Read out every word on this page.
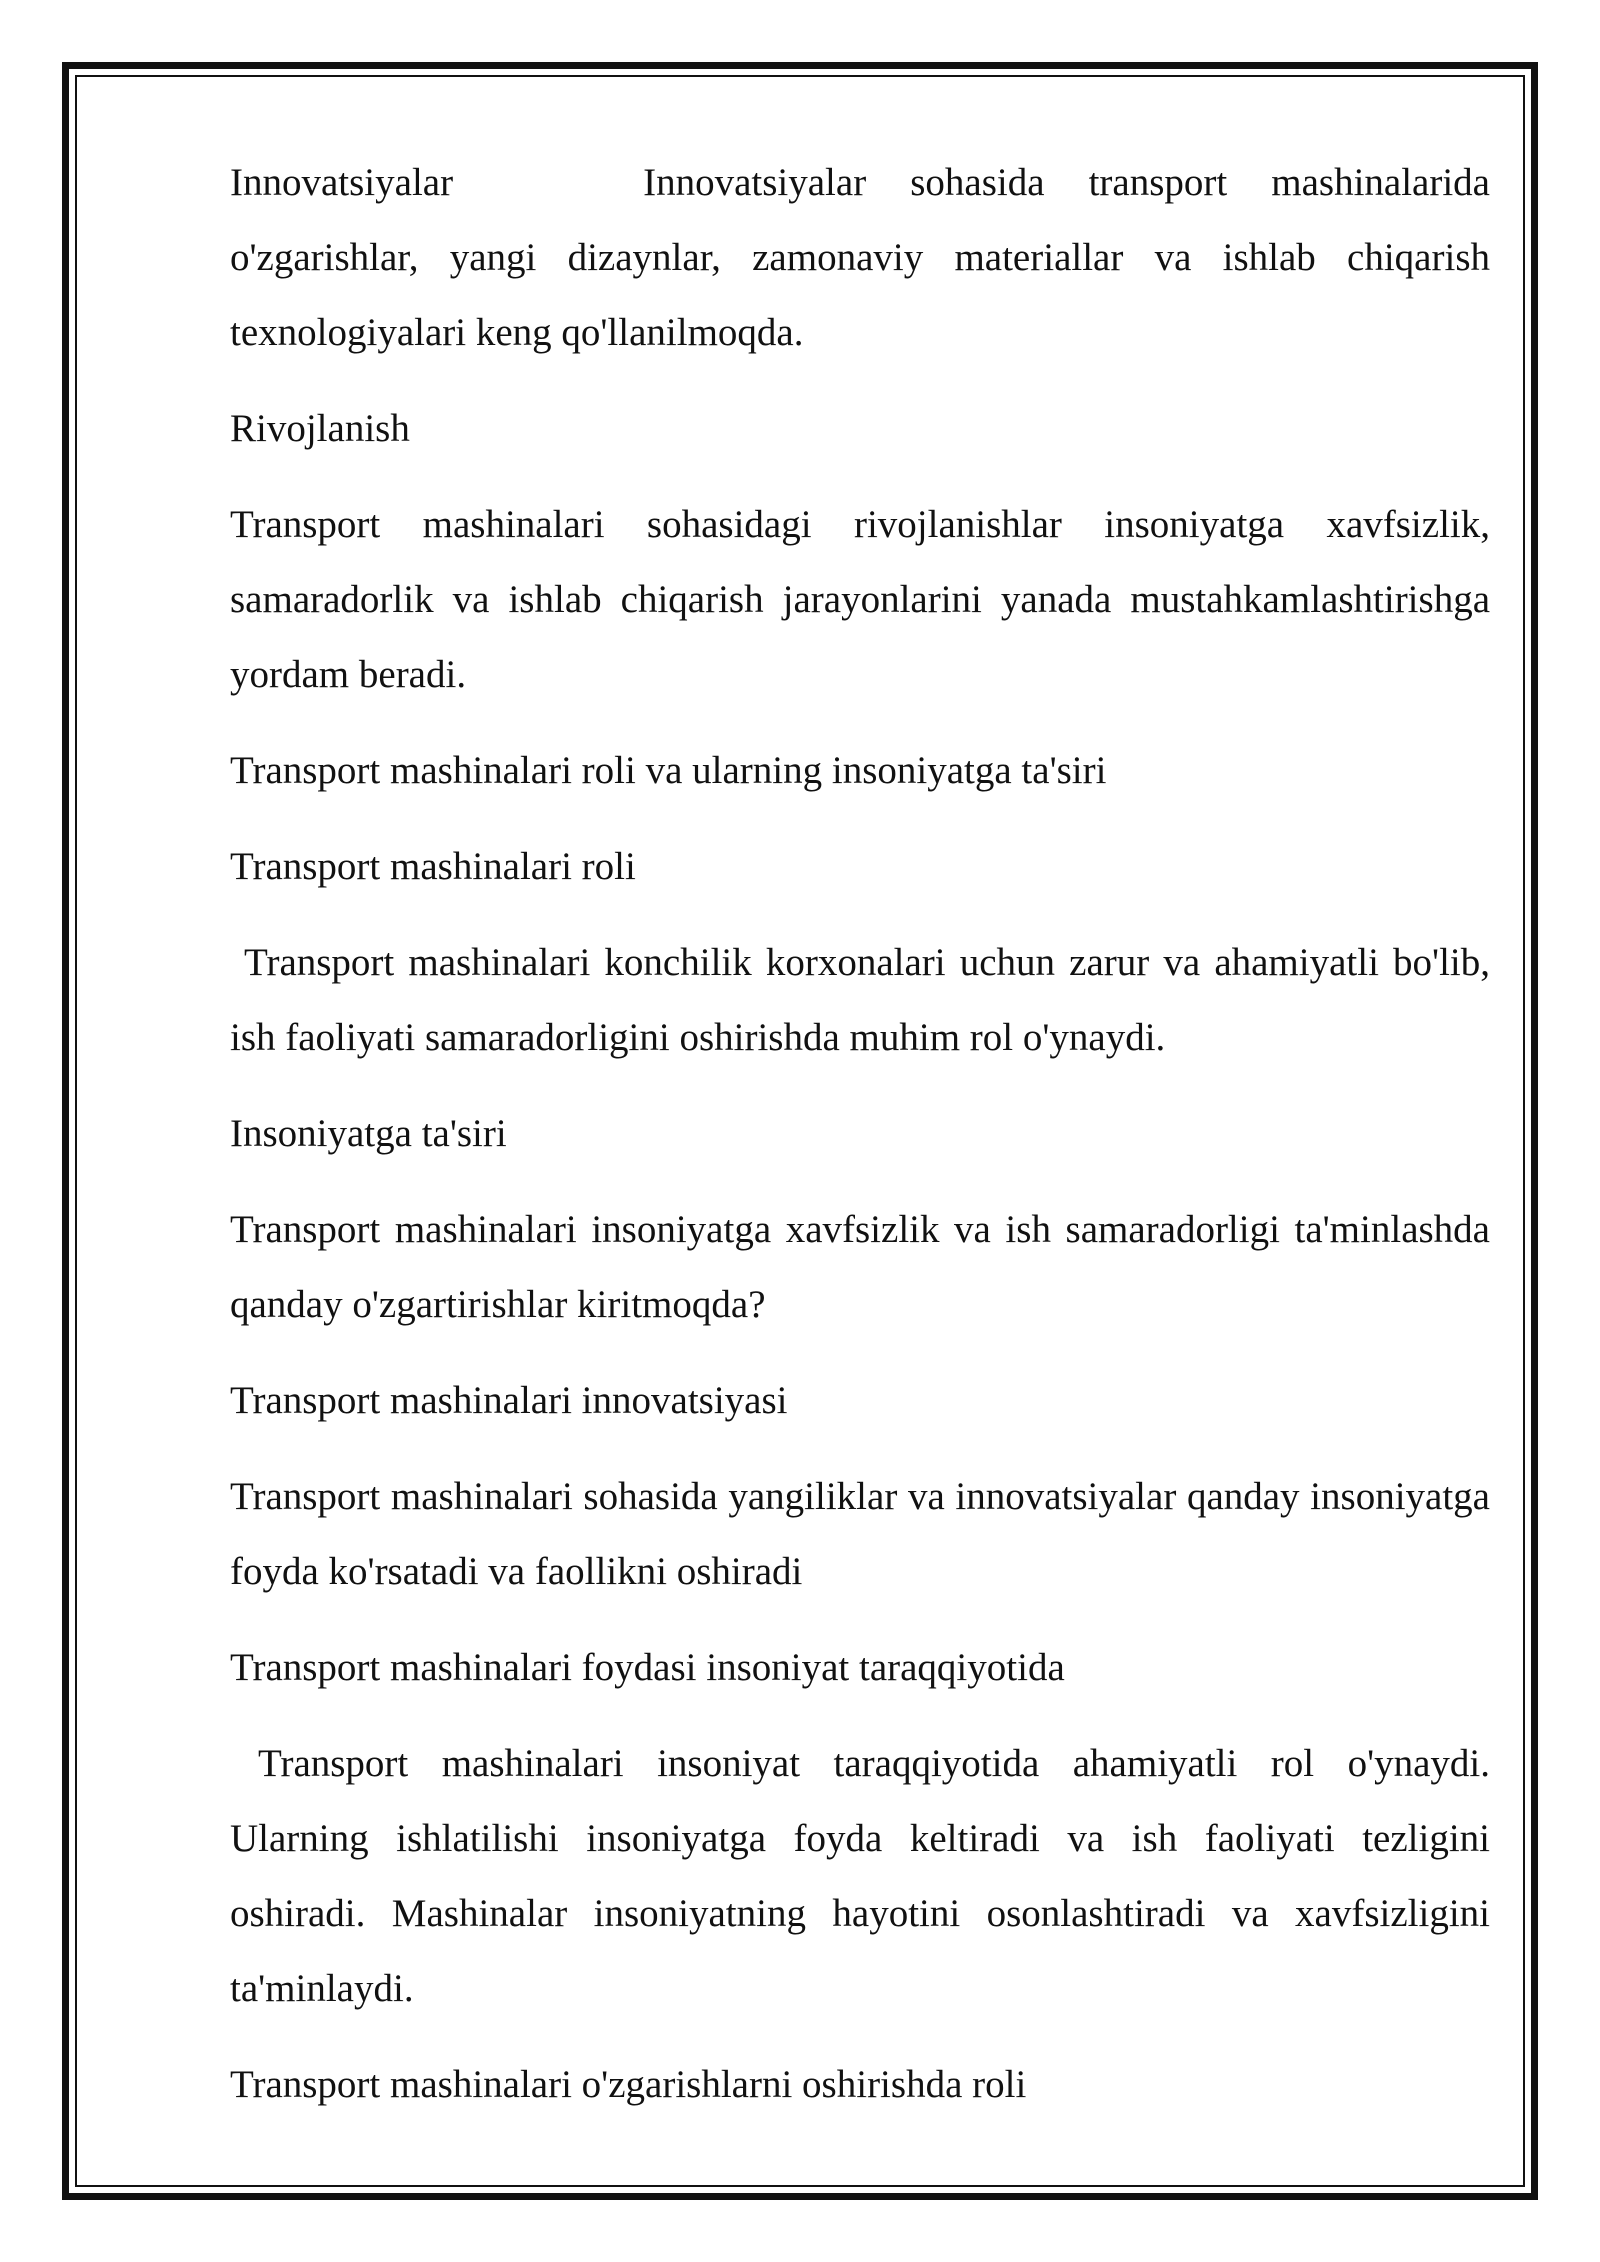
Innovatsiyalar	Innovatsiyalar sohasida transport mashinalarida o'zgarishlar, yangi dizaynlar, zamonaviy materiallar va ishlab chiqarish texnologiyalari keng qo'llanilmoqda.

Rivojlanish

Transport mashinalari sohasidagi rivojlanishlar insoniyatga xavfsizlik, samaradorlik va ishlab chiqarish jarayonlarini yanada mustahkamlashtirishga yordam beradi.

Transport mashinalari roli va ularning insoniyatga ta'siri

Transport mashinalari roli

Transport mashinalari konchilik korxonalari uchun zarur va ahamiyatli bo'lib, ish faoliyati samaradorligini oshirishda muhim rol o'ynaydi.

Insoniyatga ta'siri

Transport mashinalari insoniyatga xavfsizlik va ish samaradorligi ta'minlashda qanday o'zgartirishlar kiritmoqda?

Transport mashinalari innovatsiyasi

Transport mashinalari sohasida yangiliklar va innovatsiyalar qanday insoniyatga foyda ko'rsatadi va faollikni oshiradi

Transport mashinalari foydasi insoniyat taraqqiyotida

Transport mashinalari insoniyat taraqqiyotida ahamiyatli rol o'ynaydi. Ularning ishlatilishi insoniyatga foyda keltiradi va ish faoliyati tezligini oshiradi. Mashinalar insoniyatning hayotini osonlashtiradi va xavfsizligini ta'minlaydi.

Transport mashinalari o'zgarishlarni oshirishda roli
